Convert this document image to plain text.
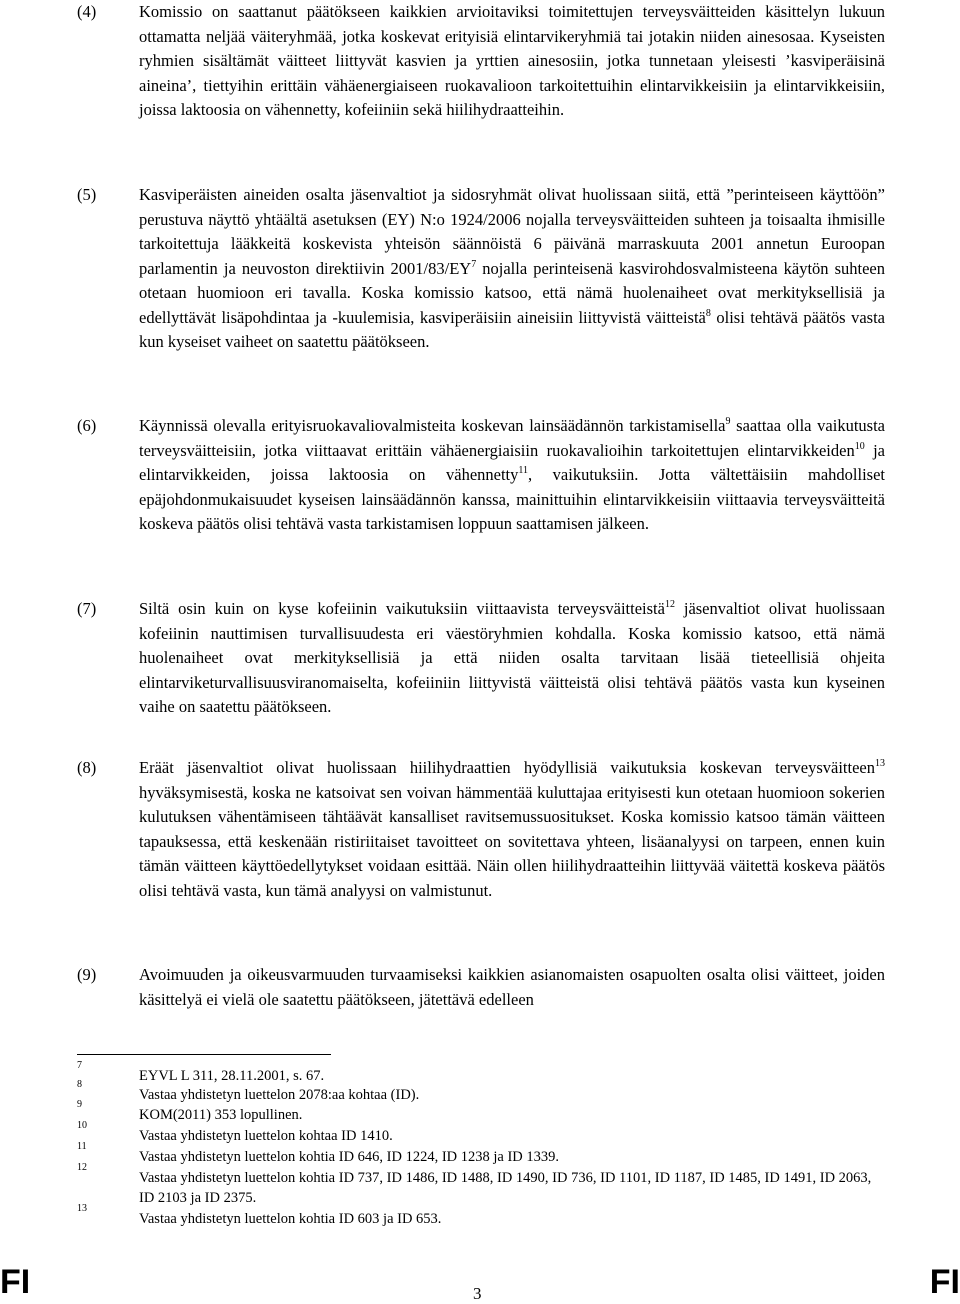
(4)	Komissio on saattanut päätökseen kaikkien arvioitaviksi toimitettujen terveysväitteiden käsittelyn lukuun ottamatta neljää väiteryhmää, jotka koskevat erityisiä elintarvikeryhmiä tai jotakin niiden ainesosaa. Kyseisten ryhmien sisältämät väitteet liittyvät kasvien ja yrttien ainesosiin, jotka tunnetaan yleisesti ’kasviperäisinä aineina’, tiettyihin erittäin vähäenergiaiseen ruokavalioon tarkoitettuihin elintarvikkeisiin ja elintarvikkeisiin, joissa laktoosia on vähennetty, kofeiiniin sekä hiilihydraatteihin.
(5)	Kasviperäisten aineiden osalta jäsenvaltiot ja sidosryhmät olivat huolissaan siitä, että ”perinteiseen käyttöön” perustuva näyttö yhtäältä asetuksen (EY) N:o 1924/2006 nojalla terveysväitteiden suhteen ja toisaalta ihmisille tarkoitettuja lääkkeitä koskevista yhteisön säännöistä 6 päivänä marraskuuta 2001 annetun Euroopan parlamentin ja neuvoston direktiivin $2001/83/EY^7$ nojalla perinteisenä kasvirohdosvalmisteena käytön suhteen otetaan huomioon eri tavalla. Koska komissio katsoo, että nämä huolenaiheet ovat merkityksellisiä ja edellyttävät lisäpohdintaa ja -kuulemisia, kasviperäisiin aineisiin liittyvistä väitteistä$^8$ olisi tehtävä päätös vasta kun kyseiset vaiheet on saatettu päätökseen.
(6)	Käynnissä olevalla erityisruokavaliovalmisteita koskevan lainsäädännön tarkistamisella$^9$ saattaa olla vaikutusta terveysväitteisiin, jotka viittaavat erittäin vähäenergiaisiin ruokavalioihin tarkoitettujen elintarvikkeiden$^{10}$ ja elintarvikkeiden, joissa laktoosia on vähennetty$^{11}$, vaikutuksiin. Jotta vältettäisiin mahdolliset epäjohdonmukaisuudet kyseisen lainsäädännön kanssa, mainittuihin elintarvikkeisiin viittaavia terveysväitteitä koskeva päätös olisi tehtävä vasta tarkistamisen loppuun saattamisen jälkeen.
(7)	Siltä osin kuin on kyse kofeiinin vaikutuksiin viittaavista terveysväitteistä$^{12}$ jäsenvaltiot olivat huolissaan kofeiinin nauttimisen turvallisuudesta eri väestöryhmien kohdalla. Koska komissio katsoo, että nämä huolenaiheet ovat merkityksellisiä ja että niiden osalta tarvitaan lisää tieteellisiä ohjeita elintarviketurvallisuusviranomaiselta, kofeiiniin liittyvistä väitteistä olisi tehtävä päätös vasta kun kyseinen vaihe on saatettu päätökseen.
(8)	Eräät jäsenvaltiot olivat huolissaan hiilihydraattien hyödyllisiä vaikutuksia koskevan terveysväitteen$^{13}$ hyväksymisestä, koska ne katsoivat sen voivan hämmentää kuluttajaa erityisesti kun otetaan huomioon sokerien kulutuksen vähentämiseen tähtäävät kansalliset ravitsemussuositukset. Koska komissio katsoo tämän väitteen tapauksessa, että keskenään ristiriitaiset tavoitteet on sovitettava yhteen, lisäanalyysi on tarpeen, ennen kuin tämän väitteen käyttöedellytykset voidaan esittää. Näin ollen hiilihydraatteihin liittyvää väitettä koskeva päätös olisi tehtävä vasta, kun tämä analyysi on valmistunut.
(9)	Avoimuuden ja oikeusvarmuuden turvaamiseksi kaikkien asianomaisten osapuolten osalta olisi väitteet, joiden käsittelyä ei vielä ole saatettu päätökseen, jätettävä edelleen
7
EYVL L 311, 28.11.2001, s. 67.
8
Vastaa yhdistetyn luettelon 2078:aa kohtaa (ID).
9
KOM(2011) 353 lopullinen.
10
Vastaa yhdistetyn luettelon kohtaa ID 1410.
11
Vastaa yhdistetyn luettelon kohtia ID 646, ID 1224, ID 1238 ja ID 1339.
12
Vastaa yhdistetyn luettelon kohtia ID 737, ID 1486, ID 1488, ID 1490, ID 736, ID 1101, ID 1187, ID 1485, ID 1491, ID 2063, ID 2103 ja ID 2375.
13
Vastaa yhdistetyn luettelon kohtia ID 603 ja ID 653.
FI	3	FI
